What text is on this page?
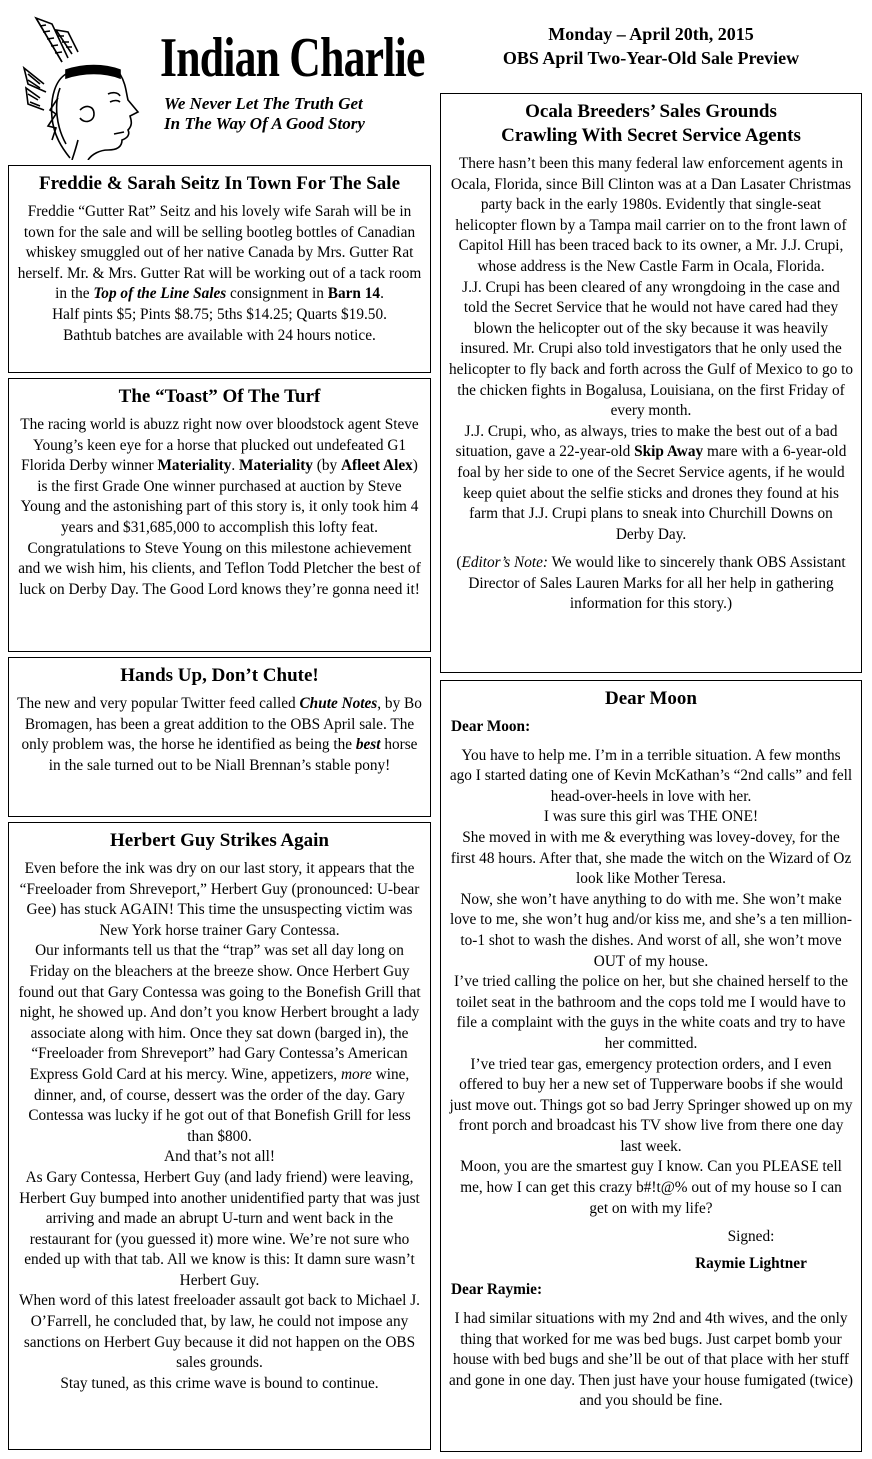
Indian Charlie
We Never Let The Truth Get
In The Way Of A Good Story
Monday – April 20th, 2015
OBS April Two-Year-Old Sale Preview
Freddie & Sarah Seitz In Town For The Sale

Freddie “Gutter Rat” Seitz and his lovely wife Sarah will be in town for the sale and will be selling bootleg bottles of Canadian whiskey smuggled out of her native Canada by Mrs. Gutter Rat herself. Mr. & Mrs. Gutter Rat will be working out of a tack room in the Top of the Line Sales consignment in Barn 14.

Half pints $5; Pints $8.75; 5ths $14.25; Quarts $19.50.

Bathtub batches are available with 24 hours notice.

The “Toast” Of The Turf

The racing world is abuzz right now over bloodstock agent Steve Young’s keen eye for a horse that plucked out undefeated G1 Florida Derby winner Materiality. Materiality (by Afleet Alex) is the first Grade One winner purchased at auction by Steve Young and the astonishing part of this story is, it only took him 4 years and $31,685,000 to accomplish this lofty feat. Congratulations to Steve Young on this milestone achievement and we wish him, his clients, and Teflon Todd Pletcher the best of luck on Derby Day. The Good Lord knows they’re gonna need it!

Hands Up, Don’t Chute!

The new and very popular Twitter feed called Chute Notes, by Bo Bromagen, has been a great addition to the OBS April sale. The only problem was, the horse he identified as being the best horse in the sale turned out to be Niall Brennan’s stable pony!

Herbert Guy Strikes Again

Even before the ink was dry on our last story, it appears that the “Freeloader from Shreveport,” Herbert Guy (pronounced: U-bear Gee) has stuck AGAIN! This time the unsuspecting victim was New York horse trainer Gary Contessa.

Our informants tell us that the “trap” was set all day long on Friday on the bleachers at the breeze show. Once Herbert Guy found out that Gary Contessa was going to the Bonefish Grill that night, he showed up. And don’t you know Herbert brought a lady associate along with him. Once they sat down (barged in), the “Freeloader from Shreveport” had Gary Contessa’s American Express Gold Card at his mercy. Wine, appetizers, more wine, dinner, and, of course, dessert was the order of the day. Gary Contessa was lucky if he got out of that Bonefish Grill for less than $800.

And that’s not all!

As Gary Contessa, Herbert Guy (and lady friend) were leaving, Herbert Guy bumped into another unidentified party that was just arriving and made an abrupt U-turn and went back in the restaurant for (you guessed it) more wine. We’re not sure who ended up with that tab. All we know is this: It damn sure wasn’t Herbert Guy.

When word of this latest freeloader assault got back to Michael J. O’Farrell, he concluded that, by law, he could not impose any sanctions on Herbert Guy because it did not happen on the OBS sales grounds.

Stay tuned, as this crime wave is bound to continue.

Ocala Breeders’ Sales Grounds
Crawling With Secret Service Agents

There hasn’t been this many federal law enforcement agents in Ocala, Florida, since Bill Clinton was at a Dan Lasater Christmas party back in the early 1980s. Evidently that single-seat helicopter flown by a Tampa mail carrier on to the front lawn of Capitol Hill has been traced back to its owner, a Mr. J.J. Crupi, whose address is the New Castle Farm in Ocala, Florida.

J.J. Crupi has been cleared of any wrongdoing in the case and told the Secret Service that he would not have cared had they blown the helicopter out of the sky because it was heavily insured. Mr. Crupi also told investigators that he only used the helicopter to fly back and forth across the Gulf of Mexico to go to the chicken fights in Bogalusa, Louisiana, on the first Friday of every month.

J.J. Crupi, who, as always, tries to make the best out of a bad situation, gave a 22-year-old Skip Away mare with a 6-year-old foal by her side to one of the Secret Service agents, if he would keep quiet about the selfie sticks and drones they found at his farm that J.J. Crupi plans to sneak into Churchill Downs on Derby Day.

(Editor’s Note: We would like to sincerely thank OBS Assistant Director of Sales Lauren Marks for all her help in gathering information for this story.)

Dear Moon

Dear Moon:

You have to help me. I’m in a terrible situation. A few months ago I started dating one of Kevin McKathan’s “2nd calls” and fell head-over-heels in love with her.

I was sure this girl was THE ONE!

She moved in with me & everything was lovey-dovey, for the first 48 hours. After that, she made the witch on the Wizard of Oz look like Mother Teresa.

Now, she won’t have anything to do with me. She won’t make love to me, she won’t hug and/or kiss me, and she’s a ten million-to-1 shot to wash the dishes. And worst of all, she won’t move OUT of my house.

I’ve tried calling the police on her, but she chained herself to the toilet seat in the bathroom and the cops told me I would have to file a complaint with the guys in the white coats and try to have her committed.

I’ve tried tear gas, emergency protection orders, and I even offered to buy her a new set of Tupperware boobs if she would just move out. Things got so bad Jerry Springer showed up on my front porch and broadcast his TV show live from there one day last week.

Moon, you are the smartest guy I know. Can you PLEASE tell me, how I can get this crazy b#!t@% out of my house so I can get on with my life?

Signed:

Raymie Lightner

Dear Raymie:

I had similar situations with my 2nd and 4th wives, and the only thing that worked for me was bed bugs. Just carpet bomb your house with bed bugs and she’ll be out of that place with her stuff and gone in one day. Then just have your house fumigated (twice) and you should be fine.
